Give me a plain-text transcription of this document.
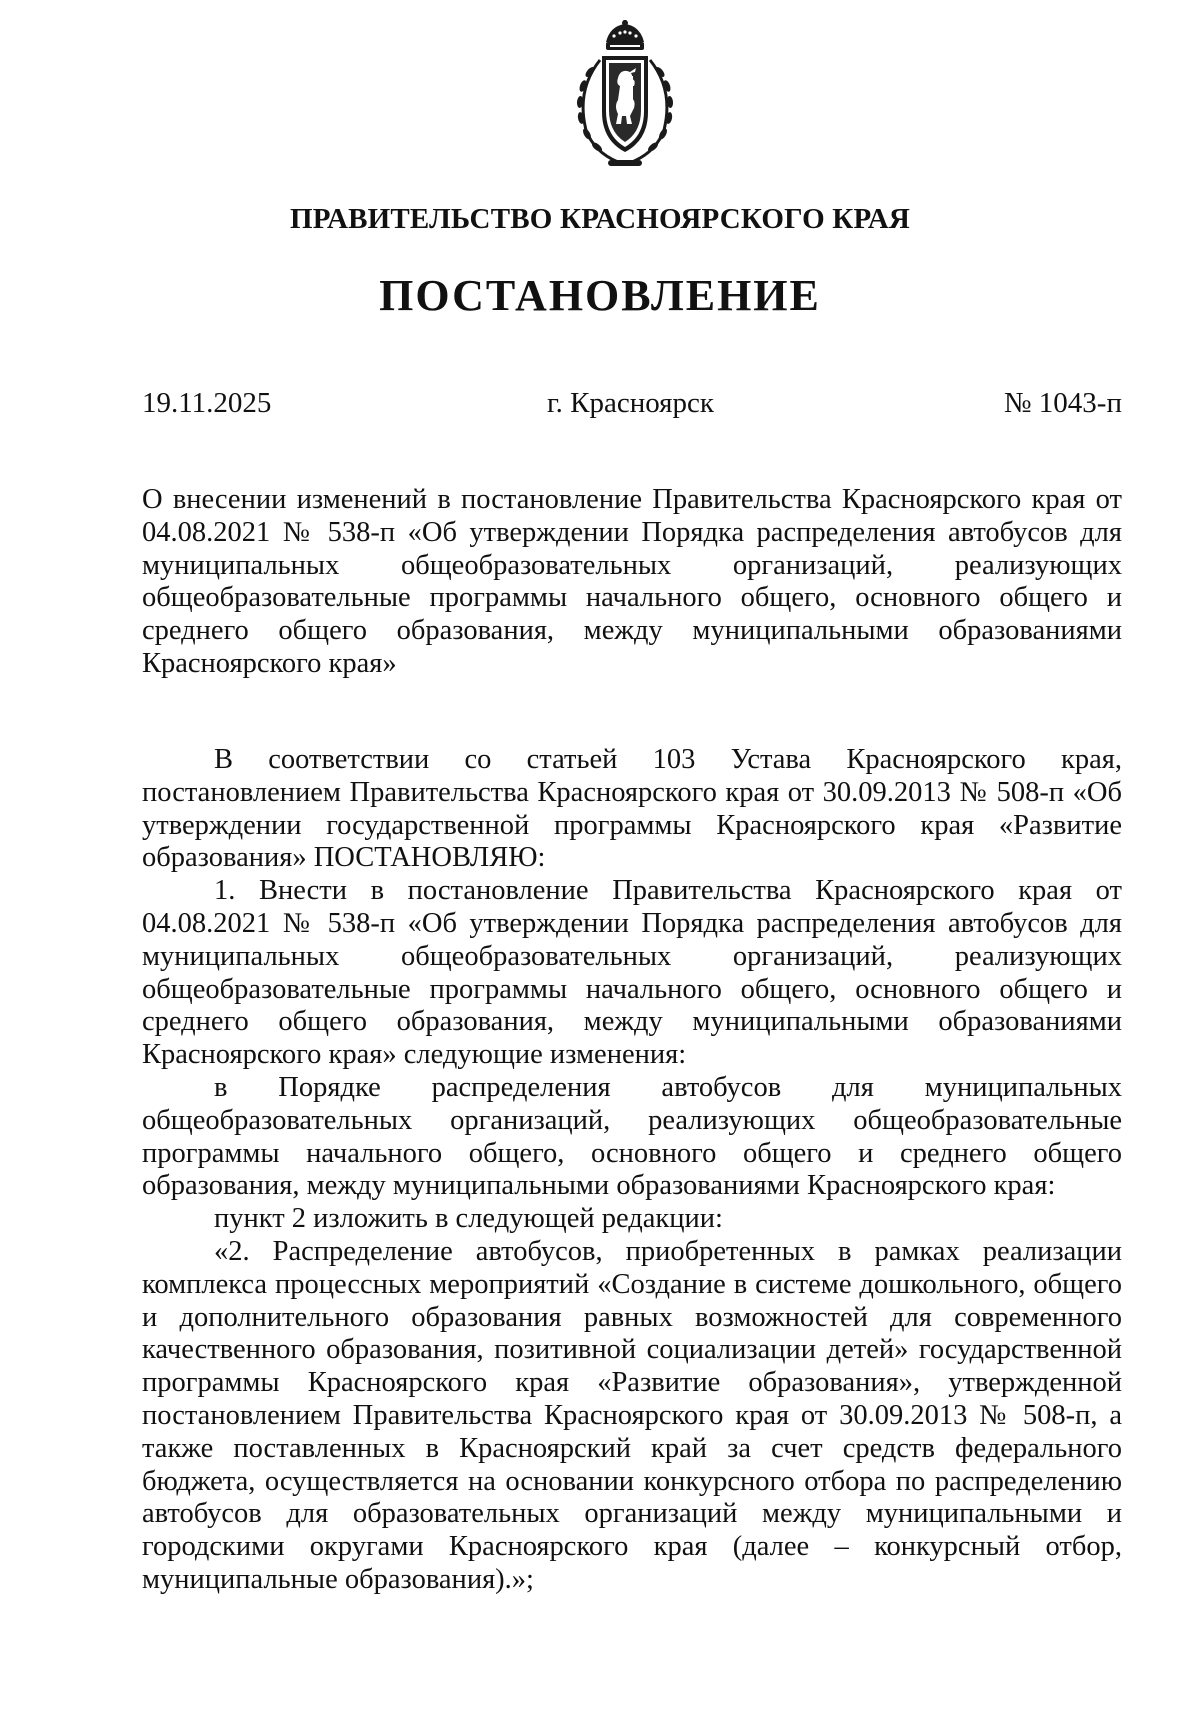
ПРАВИТЕЛЬСТВО КРАСНОЯРСКОГО КРАЯ
ПОСТАНОВЛЕНИЕ
19.11.2025	г. Красноярск	№ 1043-п

О внесении изменений в постановление Правительства Красноярского края от 04.08.2021 № 538-п «Об утверждении Порядка распределения автобусов для муниципальных общеобразовательных организаций, реализующих общеобразовательные программы начального общего, основного общего и среднего общего образования, между муниципальными образованиями Красноярского края»

В соответствии со статьей 103 Устава Красноярского края, постановлением Правительства Красноярского края от 30.09.2013 № 508-п «Об утверждении государственной программы Красноярского края «Развитие образования» ПОСТАНОВЛЯЮ:

1. Внести в постановление Правительства Красноярского края от 04.08.2021 № 538-п «Об утверждении Порядка распределения автобусов для муниципальных общеобразовательных организаций, реализующих общеобразовательные программы начального общего, основного общего и среднего общего образования, между муниципальными образованиями Красноярского края» следующие изменения:

в Порядке распределения автобусов для муниципальных общеобразовательных организаций, реализующих общеобразовательные программы начального общего, основного общего и среднего общего образования, между муниципальными образованиями Красноярского края:

пункт 2 изложить в следующей редакции:

«2. Распределение автобусов, приобретенных в рамках реализации комплекса процессных мероприятий «Создание в системе дошкольного, общего и дополнительного образования равных возможностей для современного качественного образования, позитивной социализации детей» государственной программы Красноярского края «Развитие образования», утвержденной постановлением Правительства Красноярского края от 30.09.2013 № 508-п, а также поставленных в Красноярский край за счет средств федерального бюджета, осуществляется на основании конкурсного отбора по распределению автобусов для образовательных организаций между муниципальными и городскими округами Красноярского края (далее – конкурсный отбор, муниципальные образования).»;
